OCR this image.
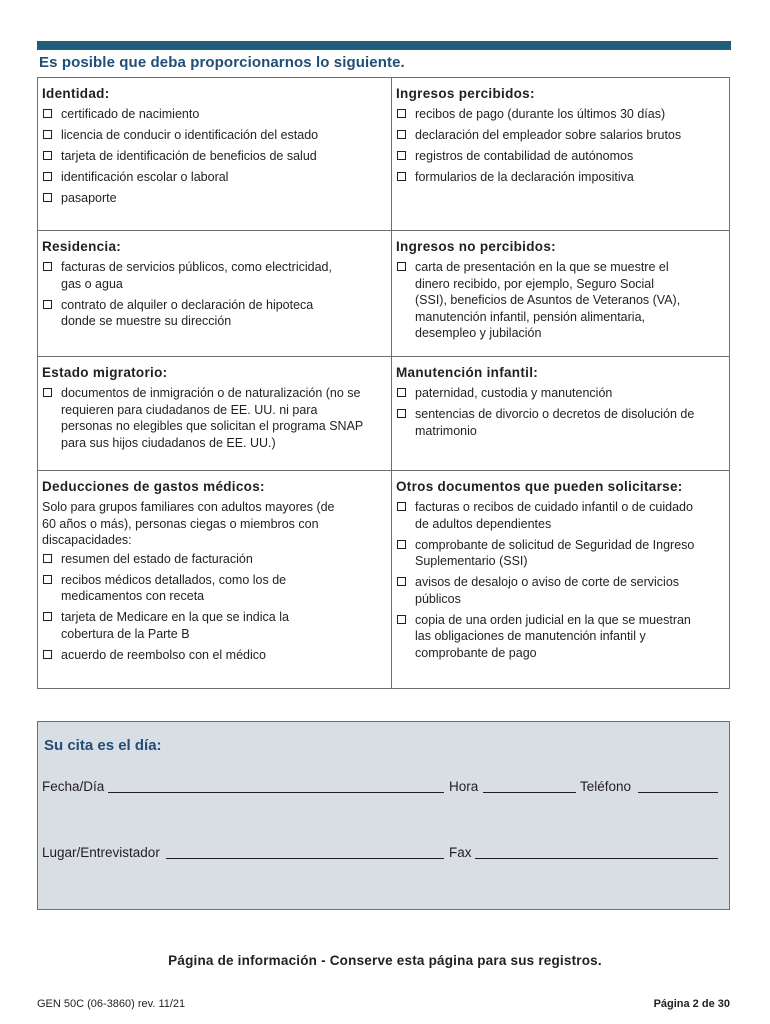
Es posible que deba proporcionarnos lo siguiente.
Identidad:
certificado de nacimiento
licencia de conducir o identificación del estado
tarjeta de identificación de beneficios de salud
identificación escolar o laboral
pasaporte
Ingresos percibidos:
recibos de pago (durante los últimos 30 días)
declaración del empleador sobre salarios brutos
registros de contabilidad de autónomos
formularios de la declaración impositiva
Residencia:
facturas de servicios públicos, como electricidad, gas o agua
contrato de alquiler o declaración de hipoteca donde se muestre su dirección
Ingresos no percibidos:
carta de presentación en la que se muestre el dinero recibido, por ejemplo, Seguro Social (SSI), beneficios de Asuntos de Veteranos (VA), manutención infantil, pensión alimentaria, desempleo y jubilación
Estado migratorio:
documentos de inmigración o de naturalización (no se requieren para ciudadanos de EE. UU. ni para personas no elegibles que solicitan el programa SNAP para sus hijos ciudadanos de EE. UU.)
Manutención infantil:
paternidad, custodia y manutención
sentencias de divorcio o decretos de disolución de matrimonio
Deducciones de gastos médicos:
Solo para grupos familiares con adultos mayores (de 60 años o más), personas ciegas o miembros con discapacidades:
resumen del estado de facturación
recibos médicos detallados, como los de medicamentos con receta
tarjeta de Medicare en la que se indica la cobertura de la Parte B
acuerdo de reembolso con el médico
Otros documentos que pueden solicitarse:
facturas o recibos de cuidado infantil o de cuidado de adultos dependientes
comprobante de solicitud de Seguridad de Ingreso Suplementario (SSI)
avisos de desalojo o aviso de corte de servicios públicos
copia de una orden judicial en la que se muestran las obligaciones de manutención infantil y comprobante de pago
Su cita es el día:
Fecha/Día	Hora	Teléfono
Lugar/Entrevistador	Fax
Página de información - Conserve esta página para sus registros.
GEN 50C (06-3860) rev. 11/21	Página 2 de 30
